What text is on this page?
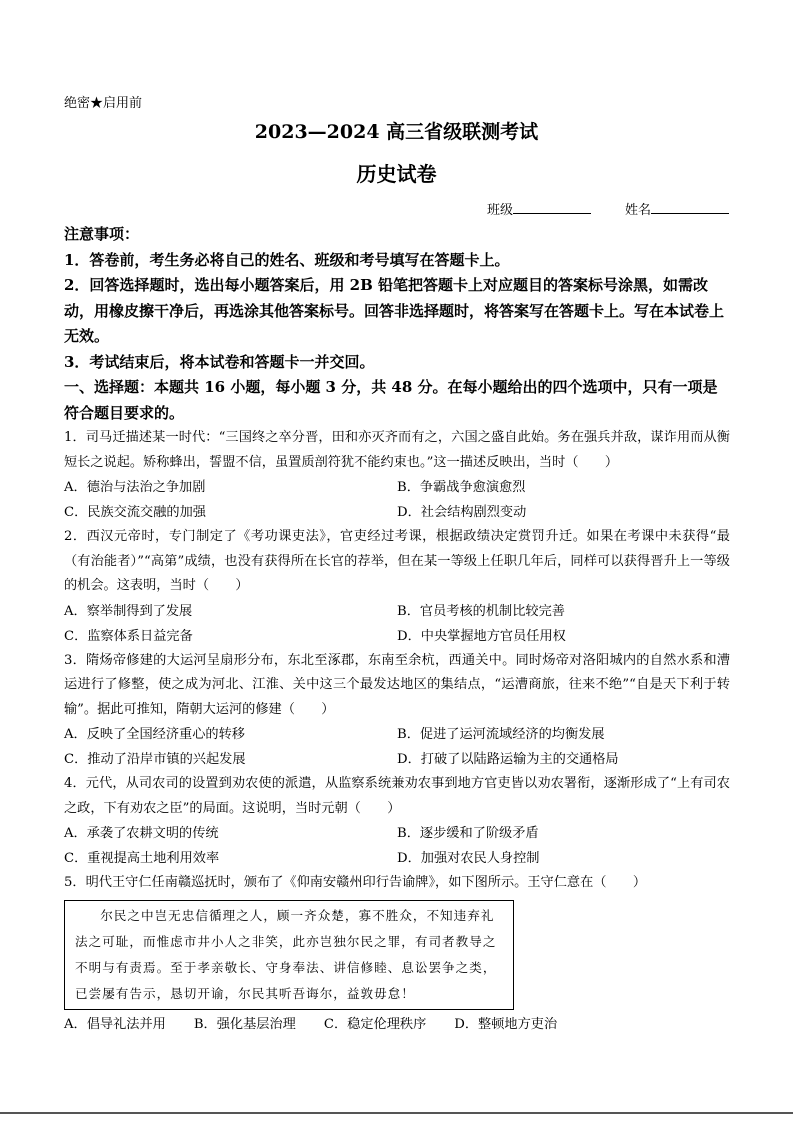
绝密★启用前
2023—2024 高三省级联测考试
历史试卷
班级	姓名
注意事项：
1．答卷前，考生务必将自己的姓名、班级和考号填写在答题卡上。
2．回答选择题时，选出每小题答案后，用 2B 铅笔把答题卡上对应题目的答案标号涂黑，如需改动，用橡皮擦干净后，再选涂其他答案标号。回答非选择题时，将答案写在答题卡上。写在本试卷上无效。
3．考试结束后，将本试卷和答题卡一并交回。
一、选择题：本题共 16 小题，每小题 3 分，共 48 分。在每小题给出的四个选项中，只有一项是符合题目要求的。
1．司马迁描述某一时代：“三国终之卒分晋，田和亦灭齐而有之，六国之盛自此始。务在强兵并敌，谋诈用而从衡短长之说起。矫称蜂出，誓盟不信，虽置质剖符犹不能约束也。”这一描述反映出，当时（　　）
A．德治与法治之争加剧	B．争霸战争愈演愈烈
C．民族交流交融的加强	D．社会结构剧烈变动
2．西汉元帝时，专门制定了《考功课吏法》，官吏经过考课，根据政绩决定赏罚升迁。如果在考课中未获得“最（有治能者）”“高第”成绩，也没有获得所在长官的荐举，但在某一等级上任职几年后，同样可以获得晋升上一等级的机会。这表明，当时（　　）
A．察举制得到了发展	B．官员考核的机制比较完善
C．监察体系日益完备	D．中央掌握地方官员任用权
3．隋炀帝修建的大运河呈扇形分布，东北至涿郡，东南至余杭，西通关中。同时炀帝对洛阳城内的自然水系和漕运进行了修整，使之成为河北、江淮、关中这三个最发达地区的集结点，“运漕商旅，往来不绝”“自是天下利于转输”。据此可推知，隋朝大运河的修建（　　）
A．反映了全国经济重心的转移	B．促进了运河流域经济的均衡发展
C．推动了沿岸市镇的兴起发展	D．打破了以陆路运输为主的交通格局
4．元代，从司农司的设置到劝农使的派遣，从监察系统兼劝农事到地方官吏皆以劝农署衔，逐渐形成了“上有司农之政，下有劝农之臣”的局面。这说明，当时元朝（　　）
A．承袭了农耕文明的传统	B．逐步缓和了阶级矛盾
C．重视提高土地利用效率	D．加强对农民人身控制
5．明代王守仁任南赣巡抚时，颁布了《仰南安赣州印行告谕牌》，如下图所示。王守仁意在（　　）
尔民之中岂无忠信循理之人，顾一齐众楚，寡不胜众，不知违弃礼法之可耻，而惟虑市井小人之非笑，此亦岂独尔民之罪，有司者教导之不明与有责焉。至于孝亲敬长、守身奉法、讲信修睦、息讼罢争之类，已尝屡有告示，恳切开谕，尔民其听吾诲尔，益敦毋怠！
A．倡导礼法并用 B．强化基层治理 C．稳定伦理秩序 D．整顿地方吏治
